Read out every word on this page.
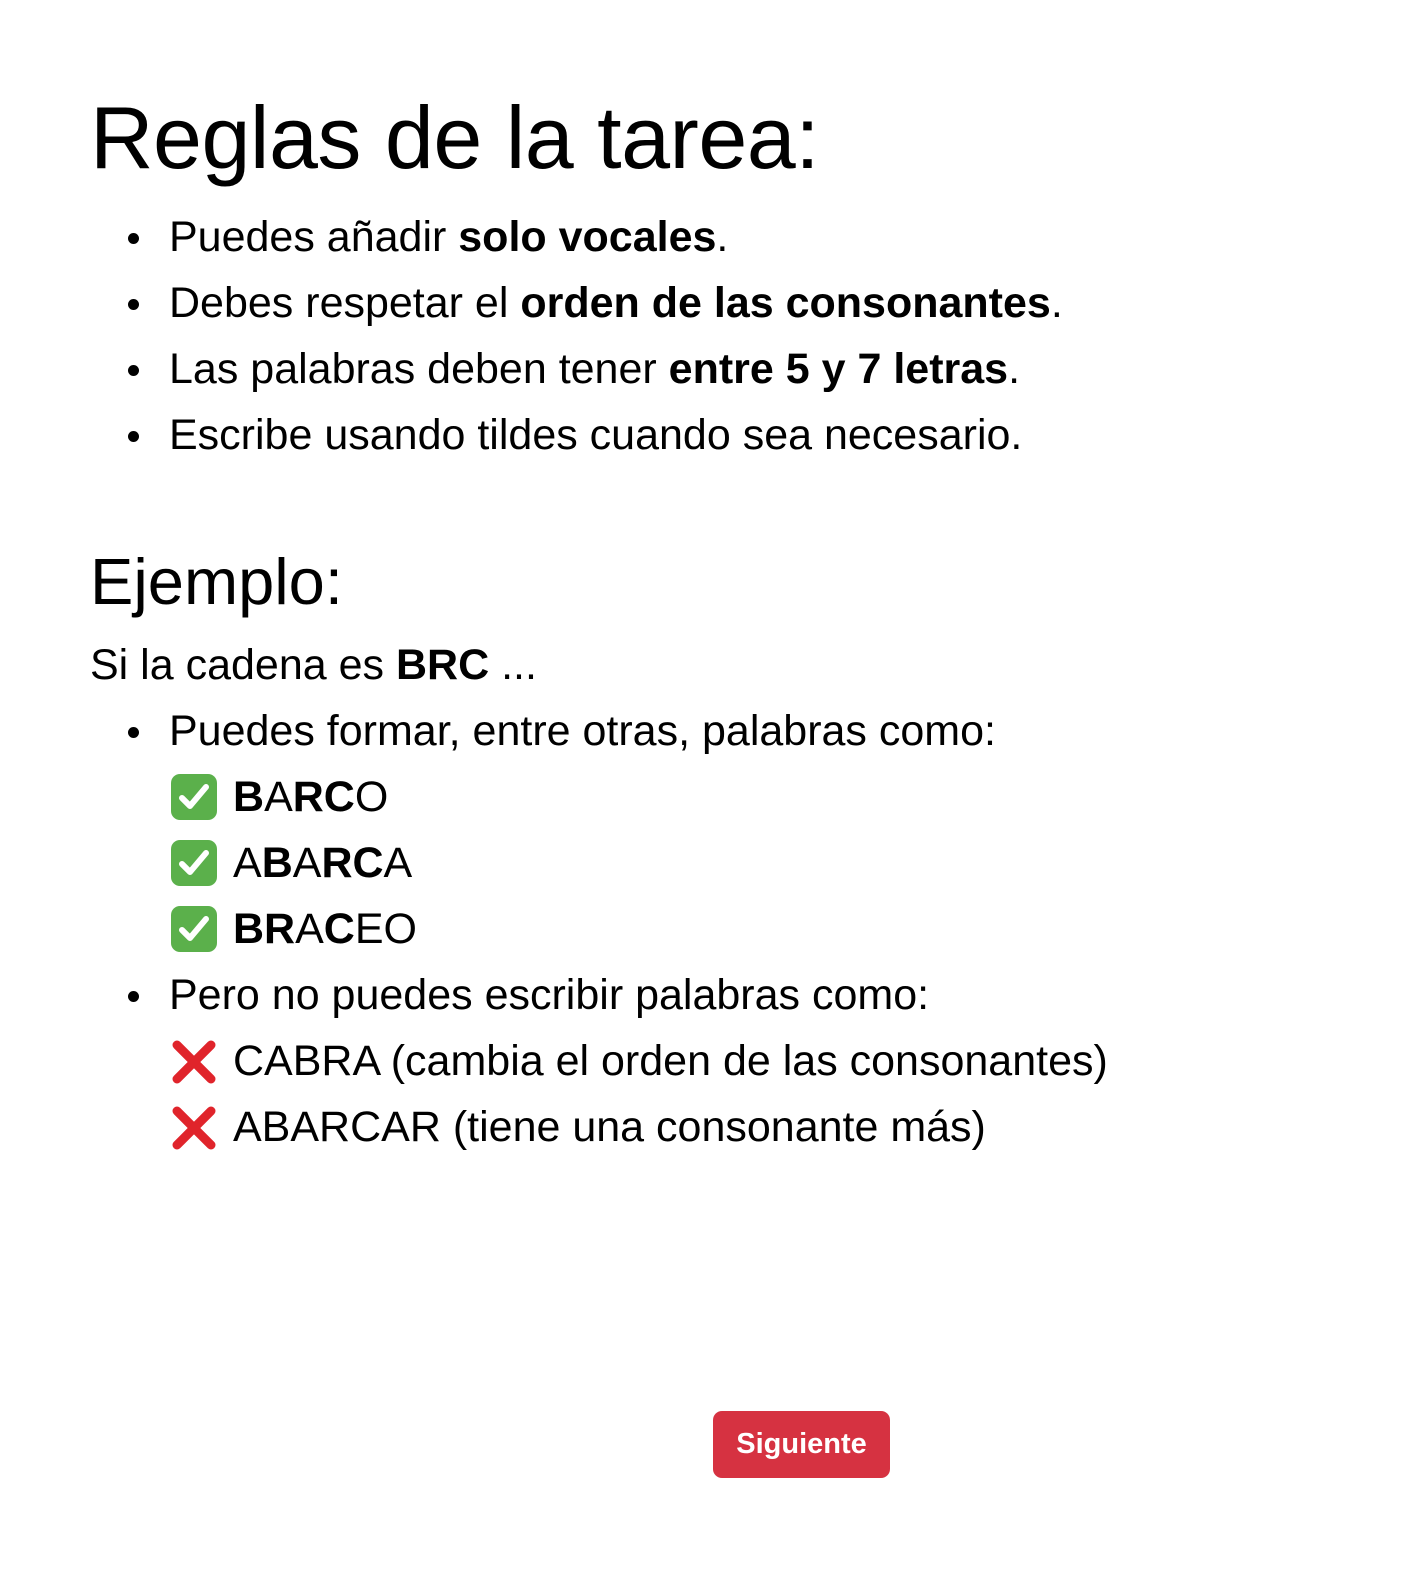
Reglas de la tarea:
Puedes añadir solo vocales.
Debes respetar el orden de las consonantes.
Las palabras deben tener entre 5 y 7 letras.
Escribe usando tildes cuando sea necesario.
Ejemplo:
Si la cadena es BRC ...
Puedes formar, entre otras, palabras como:
BARCO
ABARCA
BRACEO
Pero no puedes escribir palabras como:
CABRA (cambia el orden de las consonantes)
ABARCAR (tiene una consonante más)
Siguiente
